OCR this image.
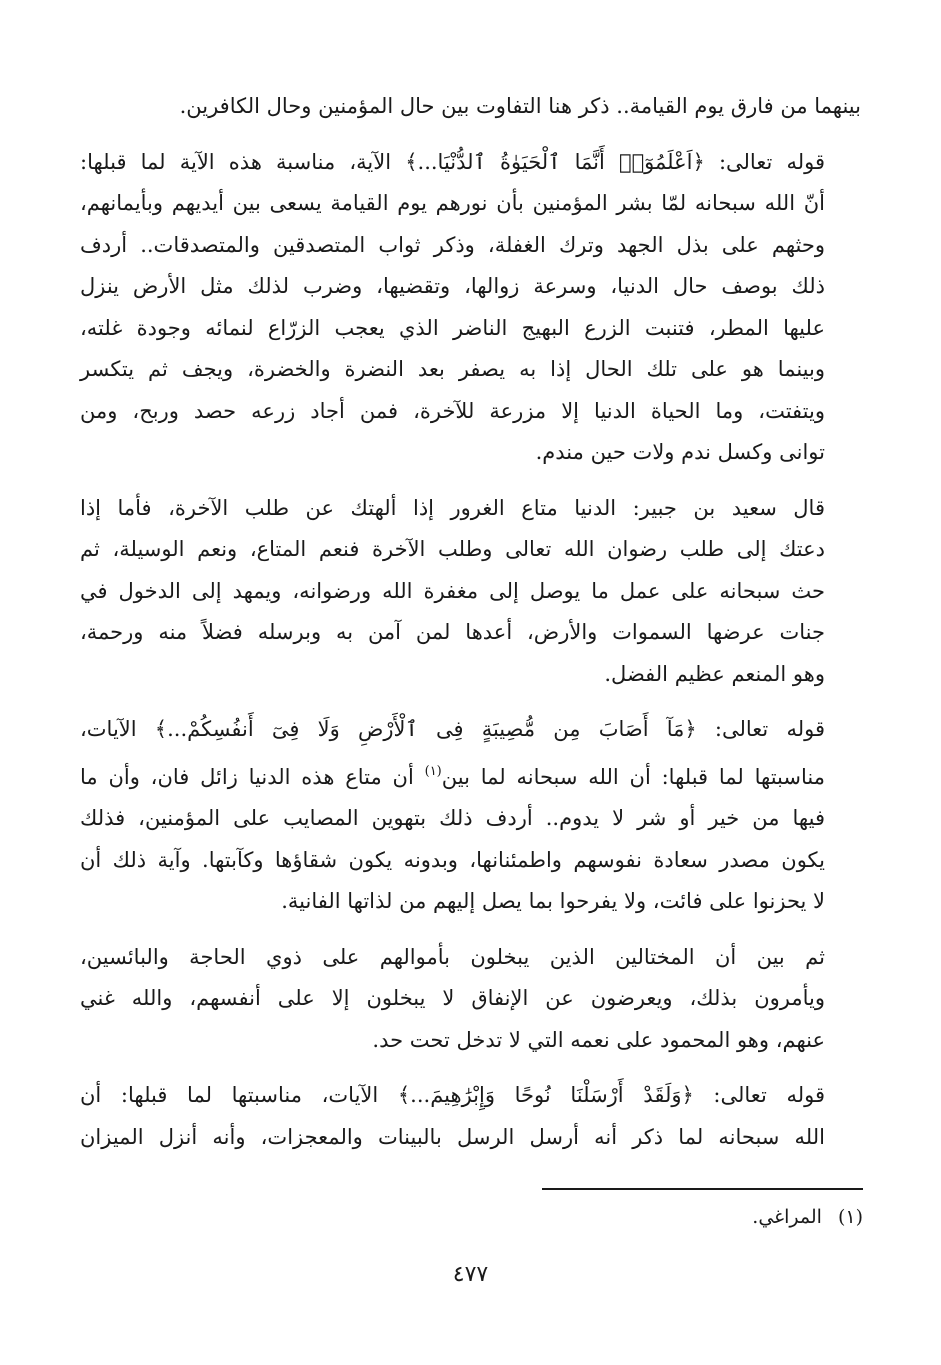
بينهما من فارق يوم القيامة.. ذكر هنا التفاوت بين حال المؤمنين وحال الكافرين.

قوله تعالى: ﴿اَعْلَمُوٓا۟ أَنَّمَا ٱلْحَيَوٰةُ ٱلدُّنْيَا...﴾ الآية، مناسبة هذه الآية لما قبلها:
أنّ الله سبحانه لمّا بشر المؤمنين بأن نورهم يوم القيامة يسعى بين أيديهم وبأيمانهم،
وحثهم على بذل الجهد وترك الغفلة، وذكر ثواب المتصدقين والمتصدقات.. أردف
ذلك بوصف حال الدنيا، وسرعة زوالها، وتقضيها، وضرب لذلك مثل الأرض ينزل
عليها المطر، فتنبت الزرع البهيج الناضر الذي يعجب الزرّاع لنمائه وجودة غلته،
وبينما هو على تلك الحال إذا به يصفر بعد النضرة والخضرة، ويجف ثم يتكسر
ويتفتت، وما الحياة الدنيا إلا مزرعة للآخرة، فمن أجاد زرعه حصد وربح، ومن
توانى وكسل ندم ولات حين مندم.

قال سعيد بن جبير: الدنيا متاع الغرور إذا ألهتك عن طلب الآخرة، فأما إذا
دعتك إلى طلب رضوان الله تعالى وطلب الآخرة فنعم المتاع، ونعم الوسيلة، ثم
حث سبحانه على عمل ما يوصل إلى مغفرة الله ورضوانه، ويمهد إلى الدخول في
جنات عرضها السموات والأرض، أعدها لمن آمن به وبرسله فضلاً منه ورحمة،
وهو المنعم عظيم الفضل.

قوله تعالى: ﴿مَآ أَصَابَ مِن مُّصِيبَةٍ فِى ٱلْأَرْضِ وَلَا فِىٓ أَنفُسِكُمْ...﴾ الآيات،
مناسبتها لما قبلها: أن الله سبحانه لما بين$^{(١)}$ أن متاع هذه الدنيا زائل فان، وأن ما
فيها من خير أو شر لا يدوم.. أردف ذلك بتهوين المصايب على المؤمنين، فذلك
يكون مصدر سعادة نفوسهم واطمئنانها، وبدونه يكون شقاؤها وكآبتها. وآية ذلك أن
لا يحزنوا على فائت، ولا يفرحوا بما يصل إليهم من لذاتها الفانية.

ثم بين أن المختالين الذين يبخلون بأموالهم على ذوي الحاجة والبائسين،
ويأمرون بذلك، ويعرضون عن الإنفاق لا يبخلون إلا على أنفسهم، والله غني
عنهم، وهو المحمود على نعمه التي لا تدخل تحت حد.

قوله تعالى: ﴿وَلَقَدْ أَرْسَلْنَا نُوحًا وَإِبْرَٰهِيمَ...﴾ الآيات، مناسبتها لما قبلها: أن
الله سبحانه لما ذكر أنه أرسل الرسل بالبينات والمعجزات، وأنه أنزل الميزان

(١)المراغي.
٤٧٧
